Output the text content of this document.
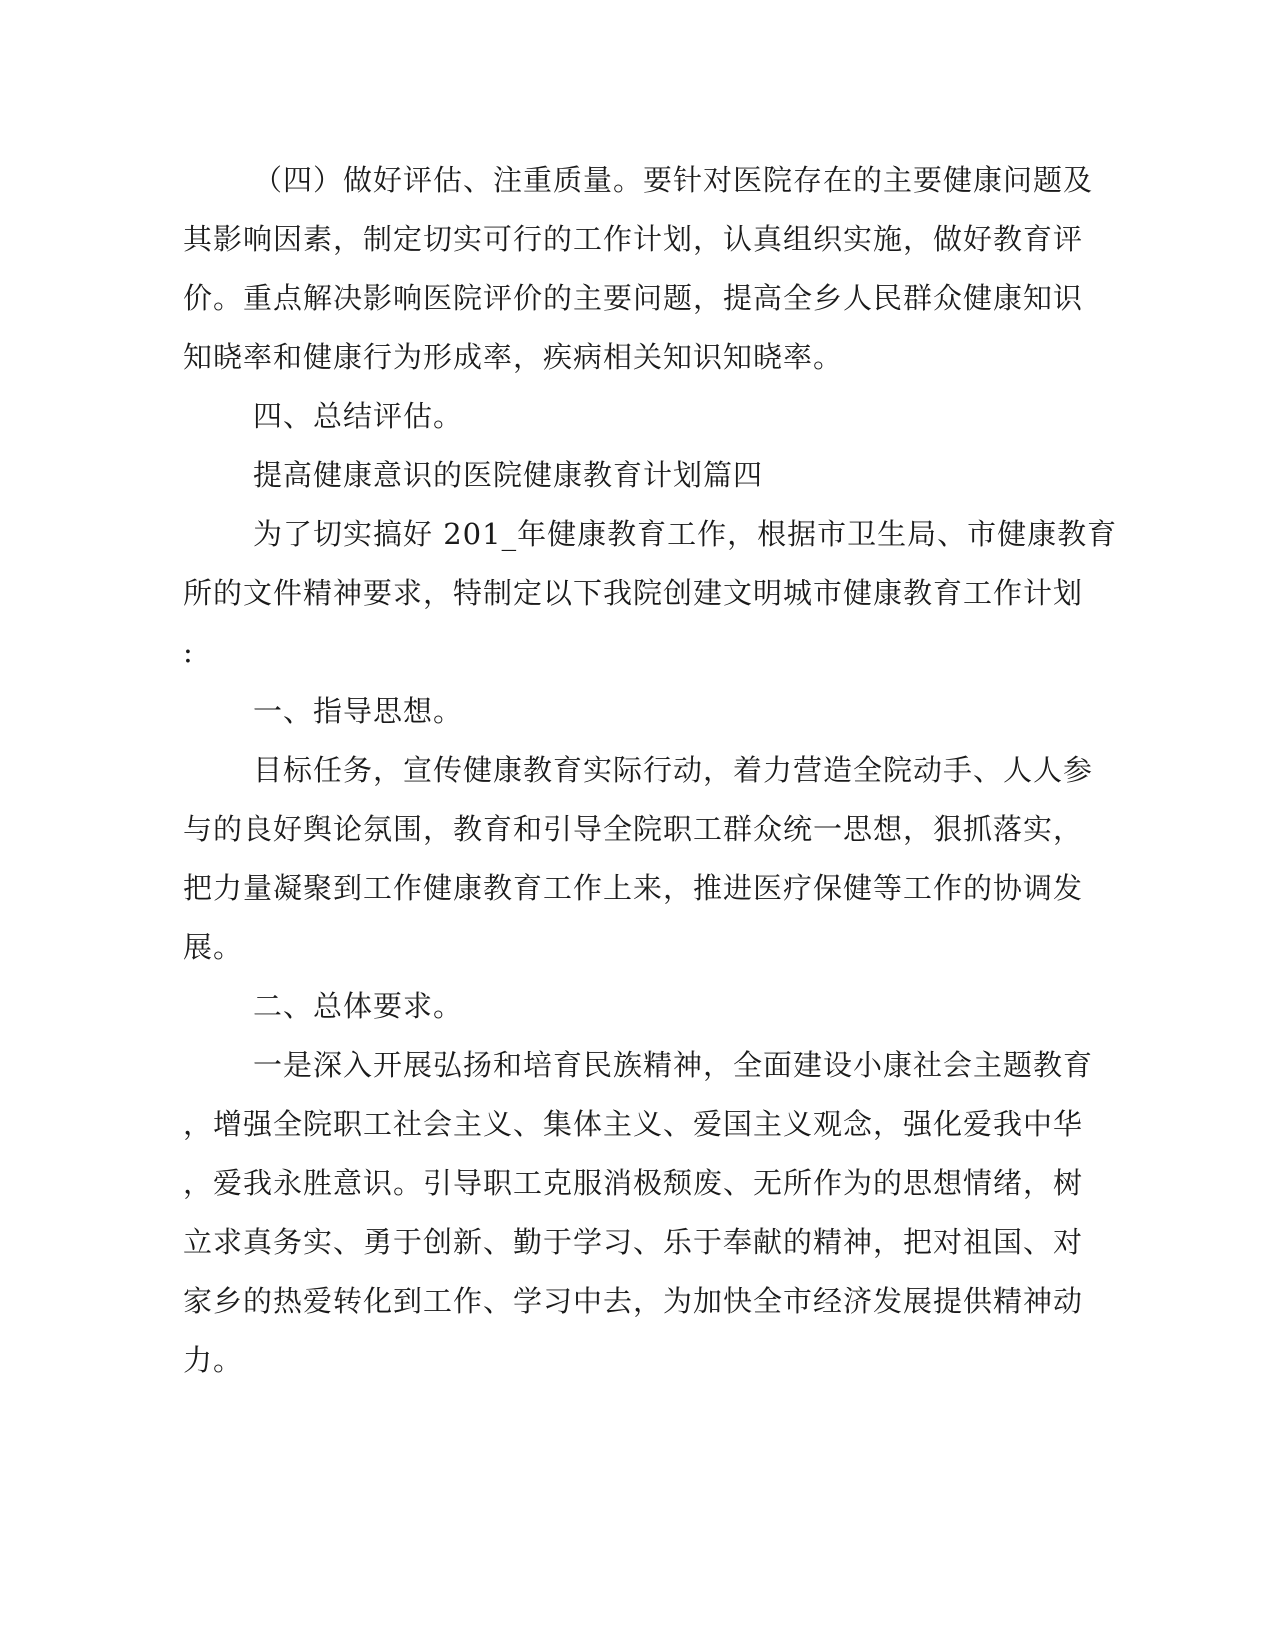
（四）做好评估、注重质量。要针对医院存在的主要健康问题及
其影响因素，制定切实可行的工作计划，认真组织实施，做好教育评
价。重点解决影响医院评价的主要问题，提高全乡人民群众健康知识
知晓率和健康行为形成率，疾病相关知识知晓率。
四、总结评估。
提高健康意识的医院健康教育计划篇四
为了切实搞好 201_年健康教育工作，根据市卫生局、市健康教育
所的文件精神要求，特制定以下我院创建文明城市健康教育工作计划
:
一、指导思想。
目标任务，宣传健康教育实际行动，着力营造全院动手、人人参
与的良好舆论氛围，教育和引导全院职工群众统一思想，狠抓落实，
把力量凝聚到工作健康教育工作上来，推进医疗保健等工作的协调发
展。
二、总体要求。
一是深入开展弘扬和培育民族精神，全面建设小康社会主题教育
，增强全院职工社会主义、集体主义、爱国主义观念，强化爱我中华
，爱我永胜意识。引导职工克服消极颓废、无所作为的思想情绪，树
立求真务实、勇于创新、勤于学习、乐于奉献的精神，把对祖国、对
家乡的热爱转化到工作、学习中去，为加快全市经济发展提供精神动
力。
